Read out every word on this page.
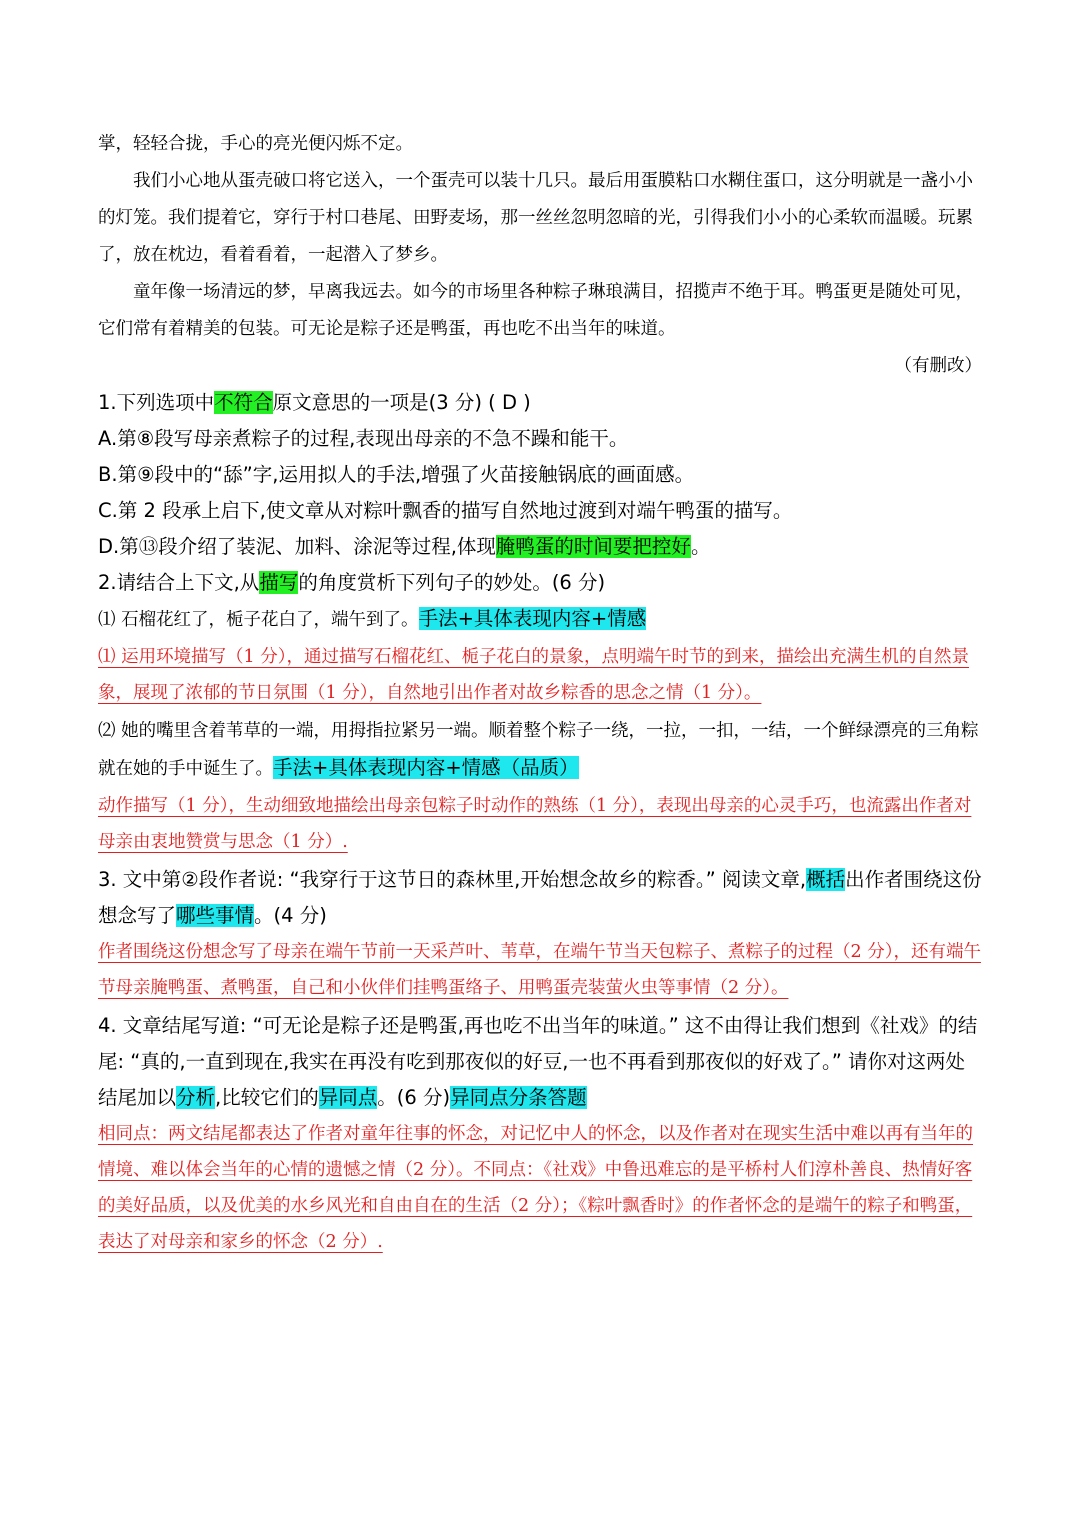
掌，轻轻合拢，手心的亮光便闪烁不定。

我们小心地从蛋壳破口将它送入，一个蛋壳可以装十几只。最后用蛋膜粘口水糊住蛋口，这分明就是一盏小小的灯笼。我们提着它，穿行于村口巷尾、田野麦场，那一丝丝忽明忽暗的光，引得我们小小的心柔软而温暖。玩累了，放在枕边，看着看着，一起潜入了梦乡。

童年像一场清远的梦，早离我远去。如今的市场里各种粽子琳琅满目，招揽声不绝于耳。鸭蛋更是随处可见，它们常有着精美的包装。可无论是粽子还是鸭蛋，再也吃不出当年的味道。

（有删改）

1.下列选项中不符合原文意思的一项是(3 分) ( D )

A.第⑧段写母亲煮粽子的过程,表现出母亲的不急不躁和能干。

B.第⑨段中的“舔”字,运用拟人的手法,增强了火苗接触锅底的画面感。

C.第 2 段承上启下,使文章从对粽叶飘香的描写自然地过渡到对端午鸭蛋的描写。

D.第⑬段介绍了装泥、加料、涂泥等过程,体现腌鸭蛋的时间要把控好。

2.请结合上下文,从描写的角度赏析下列句子的妙处。(6 分)

⑴ 石榴花红了，栀子花白了，端午到了。手法+具体表现内容+情感

⑴ 运用环境描写（1 分），通过描写石榴花红、栀子花白的景象，点明端午时节的到来，描绘出充满生机的自然景象，展现了浓郁的节日氛围（1 分），自然地引出作者对故乡粽香的思念之情（1 分）。

⑵ 她的嘴里含着苇草的一端，用拇指拉紧另一端。顺着整个粽子一绕，一拉，一扣，一结，一个鲜绿漂亮的三角粽就在她的手中诞生了。手法+具体表现内容+情感（品质）

动作描写（1 分），生动细致地描绘出母亲包粽子时动作的熟练（1 分），表现出母亲的心灵手巧，也流露出作者对母亲由衷地赞赏与思念（1 分）.

3. 文中第②段作者说: “我穿行于这节日的森林里,开始想念故乡的粽香。” 阅读文章,概括出作者围绕这份想念写了哪些事情。(4 分)

作者围绕这份想念写了母亲在端午节前一天采芦叶、苇草，在端午节当天包粽子、煮粽子的过程（2 分），还有端午节母亲腌鸭蛋、煮鸭蛋，自己和小伙伴们挂鸭蛋络子、用鸭蛋壳装萤火虫等事情（2 分）。

4. 文章结尾写道: “可无论是粽子还是鸭蛋,再也吃不出当年的味道。” 这不由得让我们想到《社戏》的结尾: “真的,一直到现在,我实在再没有吃到那夜似的好豆,一也不再看到那夜似的好戏了。” 请你对这两处结尾加以分析,比较它们的异同点。(6 分)异同点分条答题

相同点：两文结尾都表达了作者对童年往事的怀念，对记忆中人的怀念，以及作者对在现实生活中难以再有当年的情境、难以体会当年的心情的遗憾之情（2 分）。不同点：《社戏》中鲁迅难忘的是平桥村人们淳朴善良、热情好客的美好品质，以及优美的水乡风光和自由自在的生活（2 分）；《粽叶飘香时》的作者怀念的是端午的粽子和鸭蛋，表达了对母亲和家乡的怀念（2 分）.
